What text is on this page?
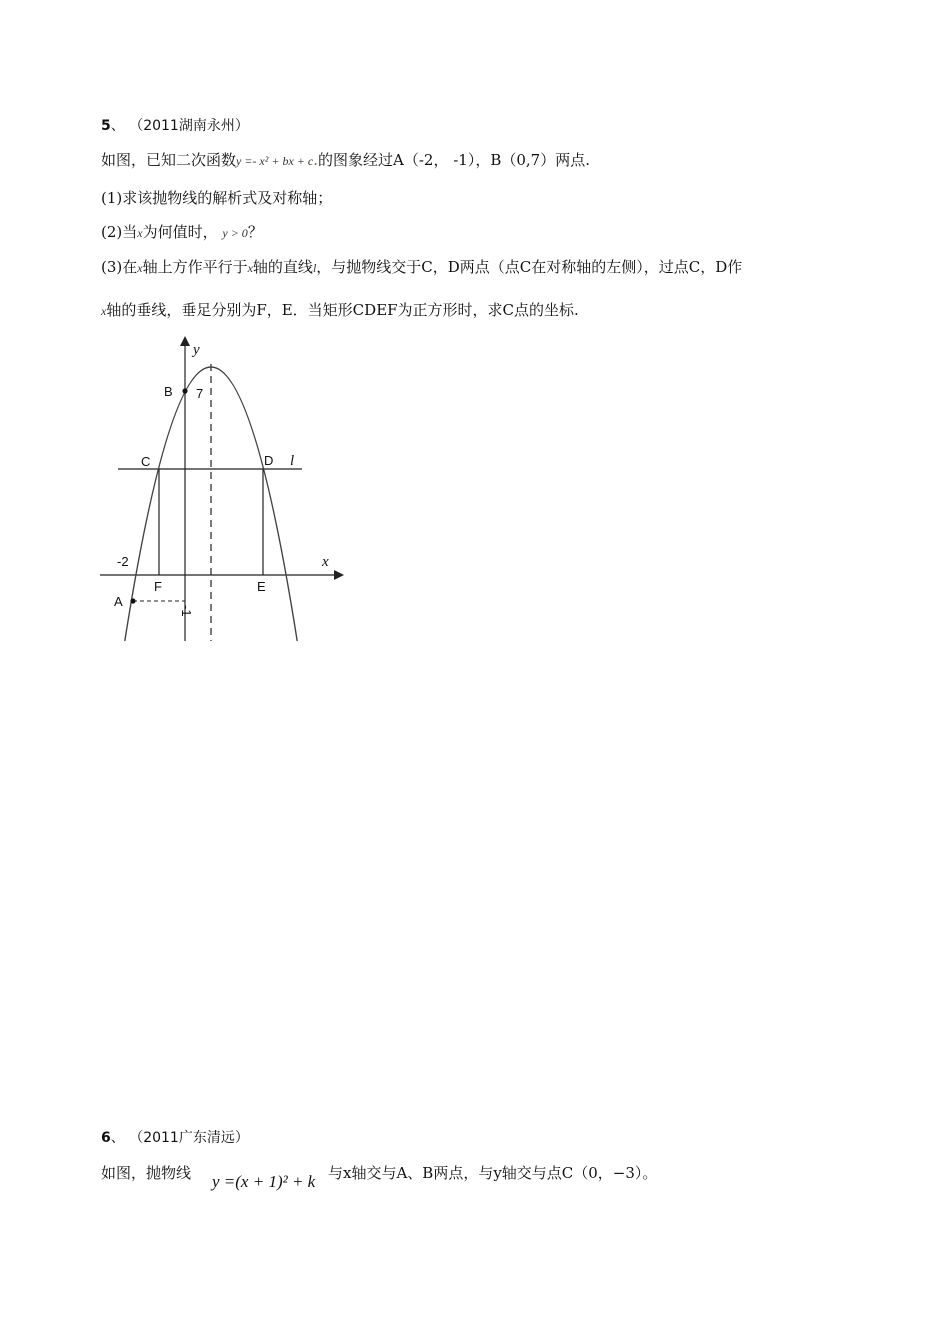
5、 （2011湖南永州）
如图，已知二次函数y =- x² + bx + c.的图象经过A（-2， -1），B（0,7）两点.
(1)求该抛物线的解析式及对称轴；
(2)当x为何值时， y > 0？
(3)在x轴上方作平行于x轴的直线l，与抛物线交于C，D两点（点C在对称轴的左侧），过点C，D作
x轴的垂线，垂足分别为F，E．当矩形CDEF为正方形时，求C点的坐标.
y
B 7
C	D l
-2	x
F	E
A
-1
6、 （2011广东清远）
如图，抛物线 y =(x + 1)² + k 与x轴交与A、B两点，与y轴交与点C（0，−3）。
